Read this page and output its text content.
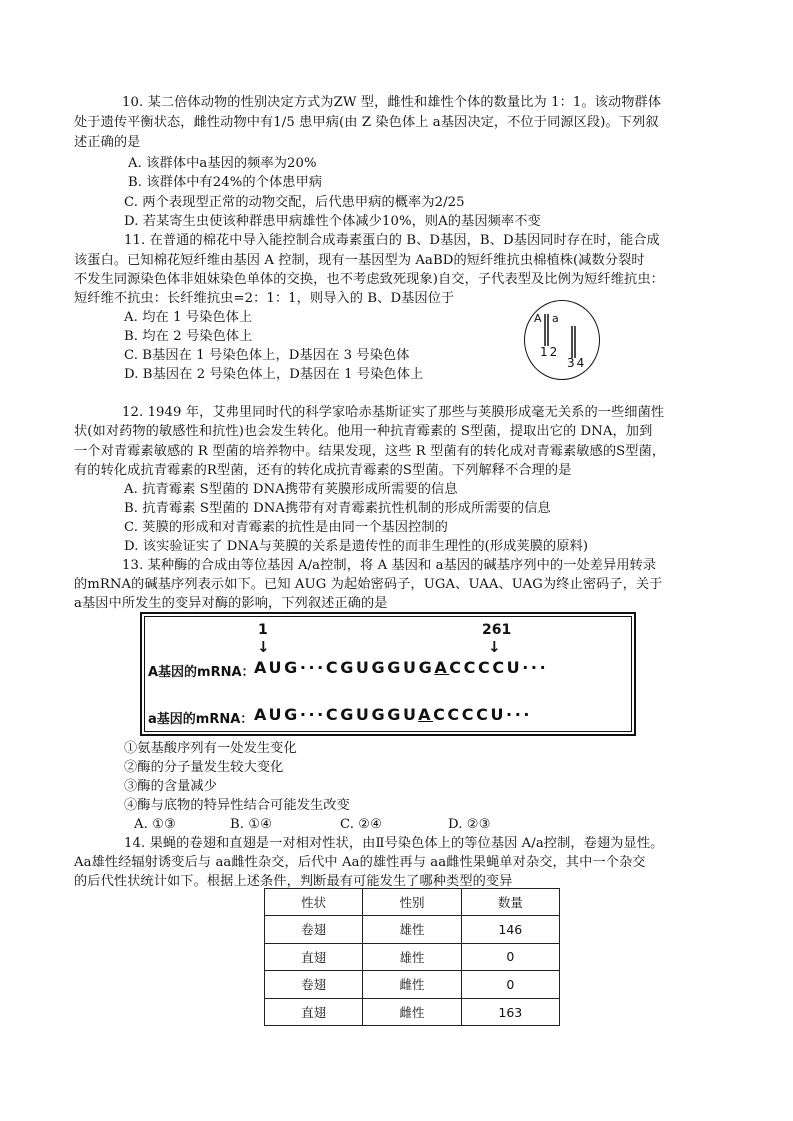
10. 某二倍体动物的性别决定方式为ZW 型，雌性和雄性个体的数量比为 1：1。该动物群体
处于遗传平衡状态，雌性动物中有1/5 患甲病(由 Z 染色体上 a基因决定，不位于同源区段)。下列叙
述正确的是
A. 该群体中a基因的频率为20%
B. 该群体中有24%的个体患甲病
C. 两个表现型正常的动物交配，后代患甲病的概率为2/25
D. 若某寄生虫使该种群患甲病雄性个体减少10%，则A的基因频率不变
11. 在普通的棉花中导入能控制合成毒素蛋白的 B、D基因，B、D基因同时存在时，能合成
该蛋白。已知棉花短纤维由基因 A 控制，现有一基因型为 AaBD的短纤维抗虫棉植株(减数分裂时
不发生同源染色体非姐妹染色单体的交换，也不考虑致死现象)自交，子代表型及比例为短纤维抗虫：
短纤维不抗虫：长纤维抗虫=2：1：1，则导入的 B、D基因位于
A. 均在 1 号染色体上
B. 均在 2 号染色体上
C. B基因在 1 号染色体上，D基因在 3 号染色体
D. B基因在 2 号染色体上，D基因在 1 号染色体上
A a
12
34
12. 1949 年，艾弗里同时代的科学家哈赤基斯证实了那些与荚膜形成毫无关系的一些细菌性
状(如对药物的敏感性和抗性)也会发生转化。他用一种抗青霉素的 S型菌，提取出它的 DNA，加到
一个对青霉素敏感的 R 型菌的培养物中。结果发现，这些 R 型菌有的转化成对青霉素敏感的S型菌，
有的转化成抗青霉素的R型菌，还有的转化成抗青霉素的S型菌。下列解释不合理的是
A. 抗青霉素 S型菌的 DNA携带有荚膜形成所需要的信息
B. 抗青霉素 S型菌的 DNA携带有对青霉素抗性机制的形成所需要的信息
C. 荚膜的形成和对青霉素的抗性是由同一个基因控制的
D. 该实验证实了 DNA与荚膜的关系是遗传性的而非生理性的(形成荚膜的原料)
13. 某种酶的合成由等位基因 A/a控制，将 A 基因和 a基因的碱基序列中的一处差异用转录
的mRNA的碱基序列表示如下。已知 AUG 为起始密码子，UGA、UAA、UAG为终止密码子，关于
a基因中所发生的变异对酶的影响，下列叙述正确的是
1
↓
261
↓
A基因的mRNA： AUG···CGUGGUGACCCCU···
a基因的mRNA： AUG···CGUGGUACCCCU···
①氨基酸序列有一处发生变化
②酶的分子量发生较大变化
③酶的含量减少
④酶与底物的特异性结合可能发生改变
A. ①③	B. ①④	C. ②④	D. ②③
14. 果蝇的卷翅和直翅是一对相对性状，由Ⅱ号染色体上的等位基因 A/a控制，卷翅为显性。
Aa雄性经辐射诱变后与 aa雌性杂交，后代中 Aa的雄性再与 aa雌性果蝇单对杂交，其中一个杂交
的后代性状统计如下。根据上述条件，判断最有可能发生了哪种类型的变异
性状	性别	数量
卷翅	雄性	146
直翅	雄性	0
卷翅	雌性	0
直翅	雌性	163
